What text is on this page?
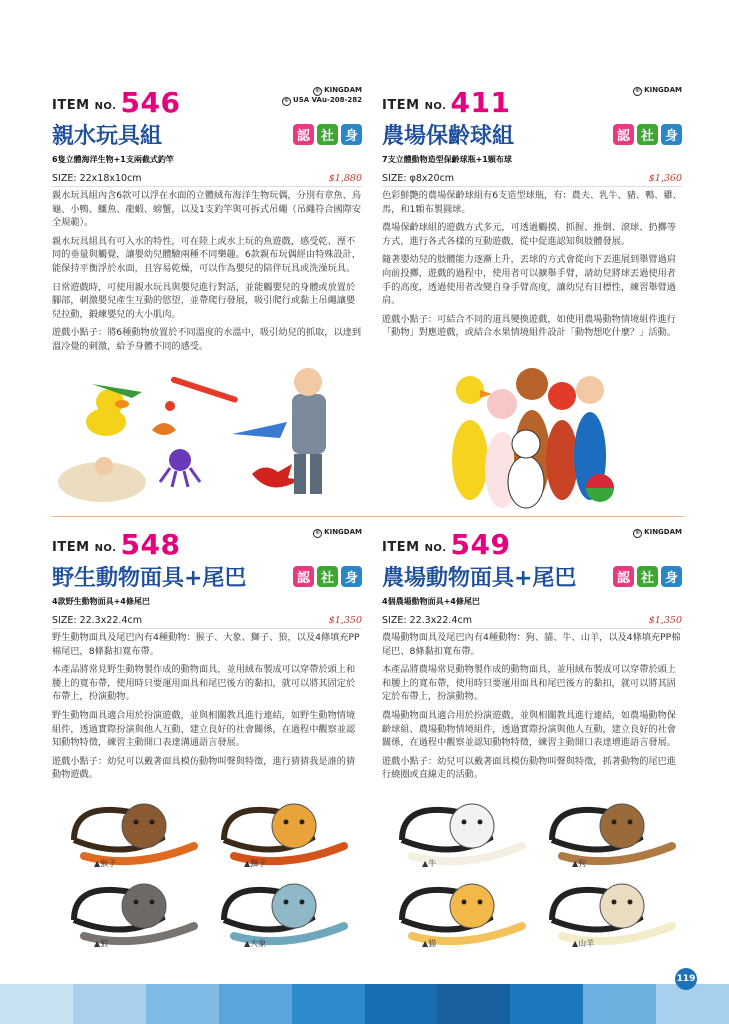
© KINGDAM
© USA VAu-208-282
ITEM NO. 546
親水玩具組	認 社 身
6隻立體海洋生物+1支兩截式釣竿
SIZE: 22x18x10cm	$1,880
親水玩具組內含6款可以浮在水面的立體絨布海洋生物玩偶，分別有章魚、烏龜、小鴨、鱷魚、龍蝦、螃蟹，以及1支釣竿與可拆式吊繩（吊繩符合國際安全規範）。
親水玩具組具有可入水的特性，可在陸上或水上玩的魚遊戲，感受乾、溼不同的垂量與觸覺，讓嬰幼兒體驗兩種不同樂趣。6款親布玩偶經由特殊設計，能保持平衡浮於水面，且容易乾燥，可以作為嬰兒的陪伴玩具或洗澡玩具。
日常遊戲時，可使用親水玩具與嬰兒進行對話，並能觸嬰兒的身體或放置於腳部，刺激嬰兒產生互動的慾望，並帶爬行發展，吸引爬行或黏上吊繩讓嬰兒拉動，鍛練嬰兒的大小肌肉。
遊戲小點子：將6種動物放置於不同溫度的水溫中，吸引幼兒的抓取，以達到溫冷覺的刺激，給予身體不同的感受。
© KINGDAM
ITEM NO. 411
農場保齡球組	認 社 身
7支立體動物造型保齡球瓶+1顆布球
SIZE: φ8x20cm	$1,360
色彩鮮艷的農場保齡球組有6支造型球瓶，有：農夫、乳牛、豬、鴨、雞、馬，和1顆布製圓球。
農場保齡球組的遊戲方式多元，可透過觸摸、抓握、推倒、滾球、扔擲等方式，進行各式各樣的互動遊戲，從中促進認知與肢體發展。
隨著嬰幼兒的肢體能力逐漸上升，丟球的方式會從向下丟進展到舉臂過肩向前投擲，遊戲的過程中，使用者可以擴舉手臂，請幼兒將球丟過使用者手的高度，透過使用者改變自身手臂高度，讓幼兒有目標性，練習舉臂過肩。
遊戲小點子：可結合不同的道具變換遊戲，如使用農場動物情境組件進行「動物」對應遊戲，或結合水果情境組件設計「動物想吃什麼？」活動。
© KINGDAM
ITEM NO. 548
野生動物面具+尾巴	認 社 身
4款野生動物面具+4條尾巴
SIZE: 22.3x22.4cm	$1,350
野生動物面具及尾巴內有4種動物：猴子、大象、獅子、狼，以及4條填充PP棉尾巴，8條黏扣寬布帶。
本產品將常見野生動物製作成的動物面具，並用絨布製成可以穿帶於頭上和腰上的寬布帶，使用時只要運用面具和尾巴後方的黏扣，就可以將其固定於布帶上，扮演動物。
野生動物面具適合用於扮演遊戲，並與相關教具進行連結，如野生動物情境組件，透過實際扮演與他人互動，建立良好的社會關係，在過程中觀察並認知動物特徵，練習主動開口表達溝通語言發展。
遊戲小點子：幼兒可以戴著面具模仿動物叫聲與特徵，進行猜猜我是誰的猜動物遊戲。
▲猴子	▲獅子
▲狼	▲大象
© KINGDAM
ITEM NO. 549
農場動物面具+尾巴	認 社 身
4個農場動物面具+4條尾巴
SIZE: 22.3x22.4cm	$1,350
農場動物面具及尾巴內有4種動物：狗、貓、牛、山羊，以及4條填充PP棉尾巴、8條黏扣寬布帶。
本產品將農場常見動物製作成的動物面具，並用絨布製成可以穿帶於頭上和腰上的寬布帶，使用時只要運用面具和尾巴後方的黏扣，就可以將其固定於布帶上，扮演動物。
農場動物面具適合用於扮演遊戲，並與相關教具進行連結，如農場動物保齡球組、農場動物情境組件，透過實際扮演與他人互動，建立良好的社會關係，在過程中觀察並認知動物特徵，練習主動開口表達增進語言發展。
遊戲小點子：幼兒可以戴著面具模仿動物叫聲與特徵，抓著動物的尾巴進行繞圈或直線走的活動。
▲牛	▲狗
▲貓	▲山羊
119
